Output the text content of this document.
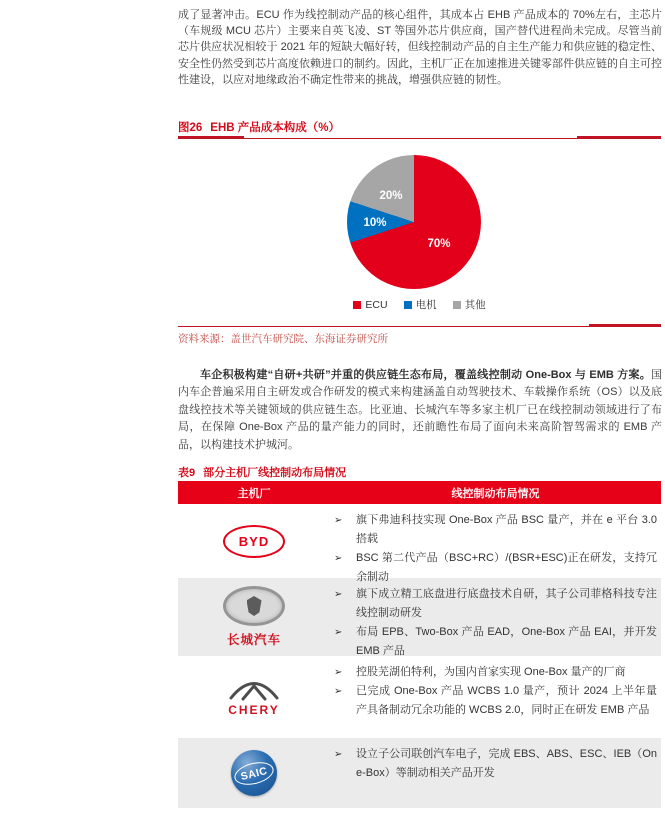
成了显著冲击。ECU 作为线控制动产品的核心组件，其成本占 EHB 产品成本的 70%左右，主芯片（车规级 MCU 芯片）主要来自英飞凌、ST 等国外芯片供应商，国产替代进程尚未完成。尽管当前芯片供应状况相较于 2021 年的短缺大幅好转，但线控制动产品的自主生产能力和供应链的稳定性、安全性仍然受到芯片高度依赖进口的制约。因此，主机厂正在加速推进关键零部件供应链的自主可控性建设，以应对地缘政治不确定性带来的挑战，增强供应链的韧性。

图26 EHB 产品成本构成（%）
70%
10%
20%
ECU	电机	其他
资料来源：盖世汽车研究院、东海证券研究所

车企积极构建“自研+共研”并重的供应链生态布局，覆盖线控制动 One-Box 与 EMB 方案。国内车企普遍采用自主研发或合作研发的模式来构建涵盖自动驾驶技术、车载操作系统（OS）以及底盘线控技术等关键领域的供应链生态。比亚迪、长城汽车等多家主机厂已在线控制动领域进行了布局，在保障 One-Box 产品的量产能力的同时，还前瞻性布局了面向未来高阶智驾需求的 EMB 产品，以构建技术护城河。

表9 部分主机厂线控制动布局情况
主机厂	线控制动布局情况
BYD
➢	旗下弗迪科技实现 One-Box 产品 BSC 量产，并在 e 平台 3.0 搭载
➢	BSC 第二代产品（BSC+RC）/(BSR+ESC)正在研发，支持冗余制动
长城汽车
➢	旗下成立精工底盘进行底盘技术自研，其子公司菲格科技专注线控制动研发
➢	布局 EPB、Two-Box 产品 EAD，One-Box 产品 EAI，并开发 EMB 产品
CHERY
➢	控股芜湖伯特利，为国内首家实现 One-Box 量产的厂商
➢	已完成 One-Box 产品 WCBS 1.0 量产，预计 2024 上半年量产具备制动冗余功能的 WCBS 2.0，同时正在研发 EMB 产品
SAIC
➢	设立子公司联创汽车电子，完成 EBS、ABS、ESC、IEB（One-Box）等制动相关产品开发
